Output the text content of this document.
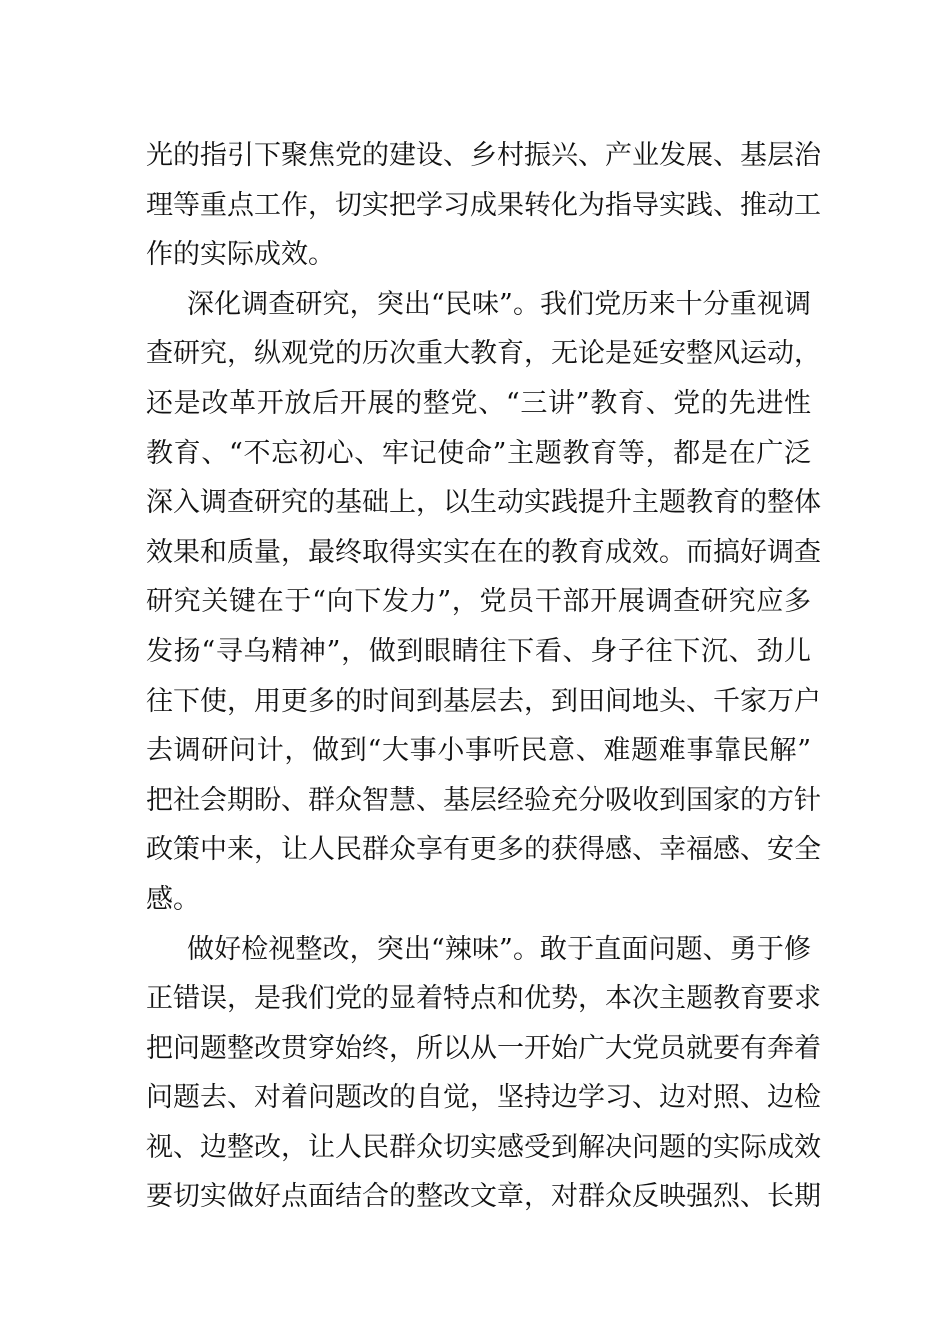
光的指引下聚焦党的建设、乡村振兴、产业发展、基层治
理等重点工作，切实把学习成果转化为指导实践、推动工
作的实际成效。
深化调查研究，突出“民味”。我们党历来十分重视调
查研究，纵观党的历次重大教育，无论是延安整风运动，
还是改革开放后开展的整党、“三讲”教育、党的先进性
教育、“不忘初心、牢记使命”主题教育等，都是在广泛
深入调查研究的基础上，以生动实践提升主题教育的整体
效果和质量，最终取得实实在在的教育成效。而搞好调查
研究关键在于“向下发力”，党员干部开展调查研究应多
发扬“寻乌精神”，做到眼睛往下看、身子往下沉、劲儿
往下使，用更多的时间到基层去，到田间地头、千家万户
去调研问计，做到“大事小事听民意、难题难事靠民解”
把社会期盼、群众智慧、基层经验充分吸收到国家的方针
政策中来，让人民群众享有更多的获得感、幸福感、安全
感。
做好检视整改，突出“辣味”。敢于直面问题、勇于修
正错误，是我们党的显着特点和优势，本次主题教育要求
把问题整改贯穿始终，所以从一开始广大党员就要有奔着
问题去、对着问题改的自觉，坚持边学习、边对照、边检
视、边整改，让人民群众切实感受到解决问题的实际成效
要切实做好点面结合的整改文章，对群众反映强烈、长期
